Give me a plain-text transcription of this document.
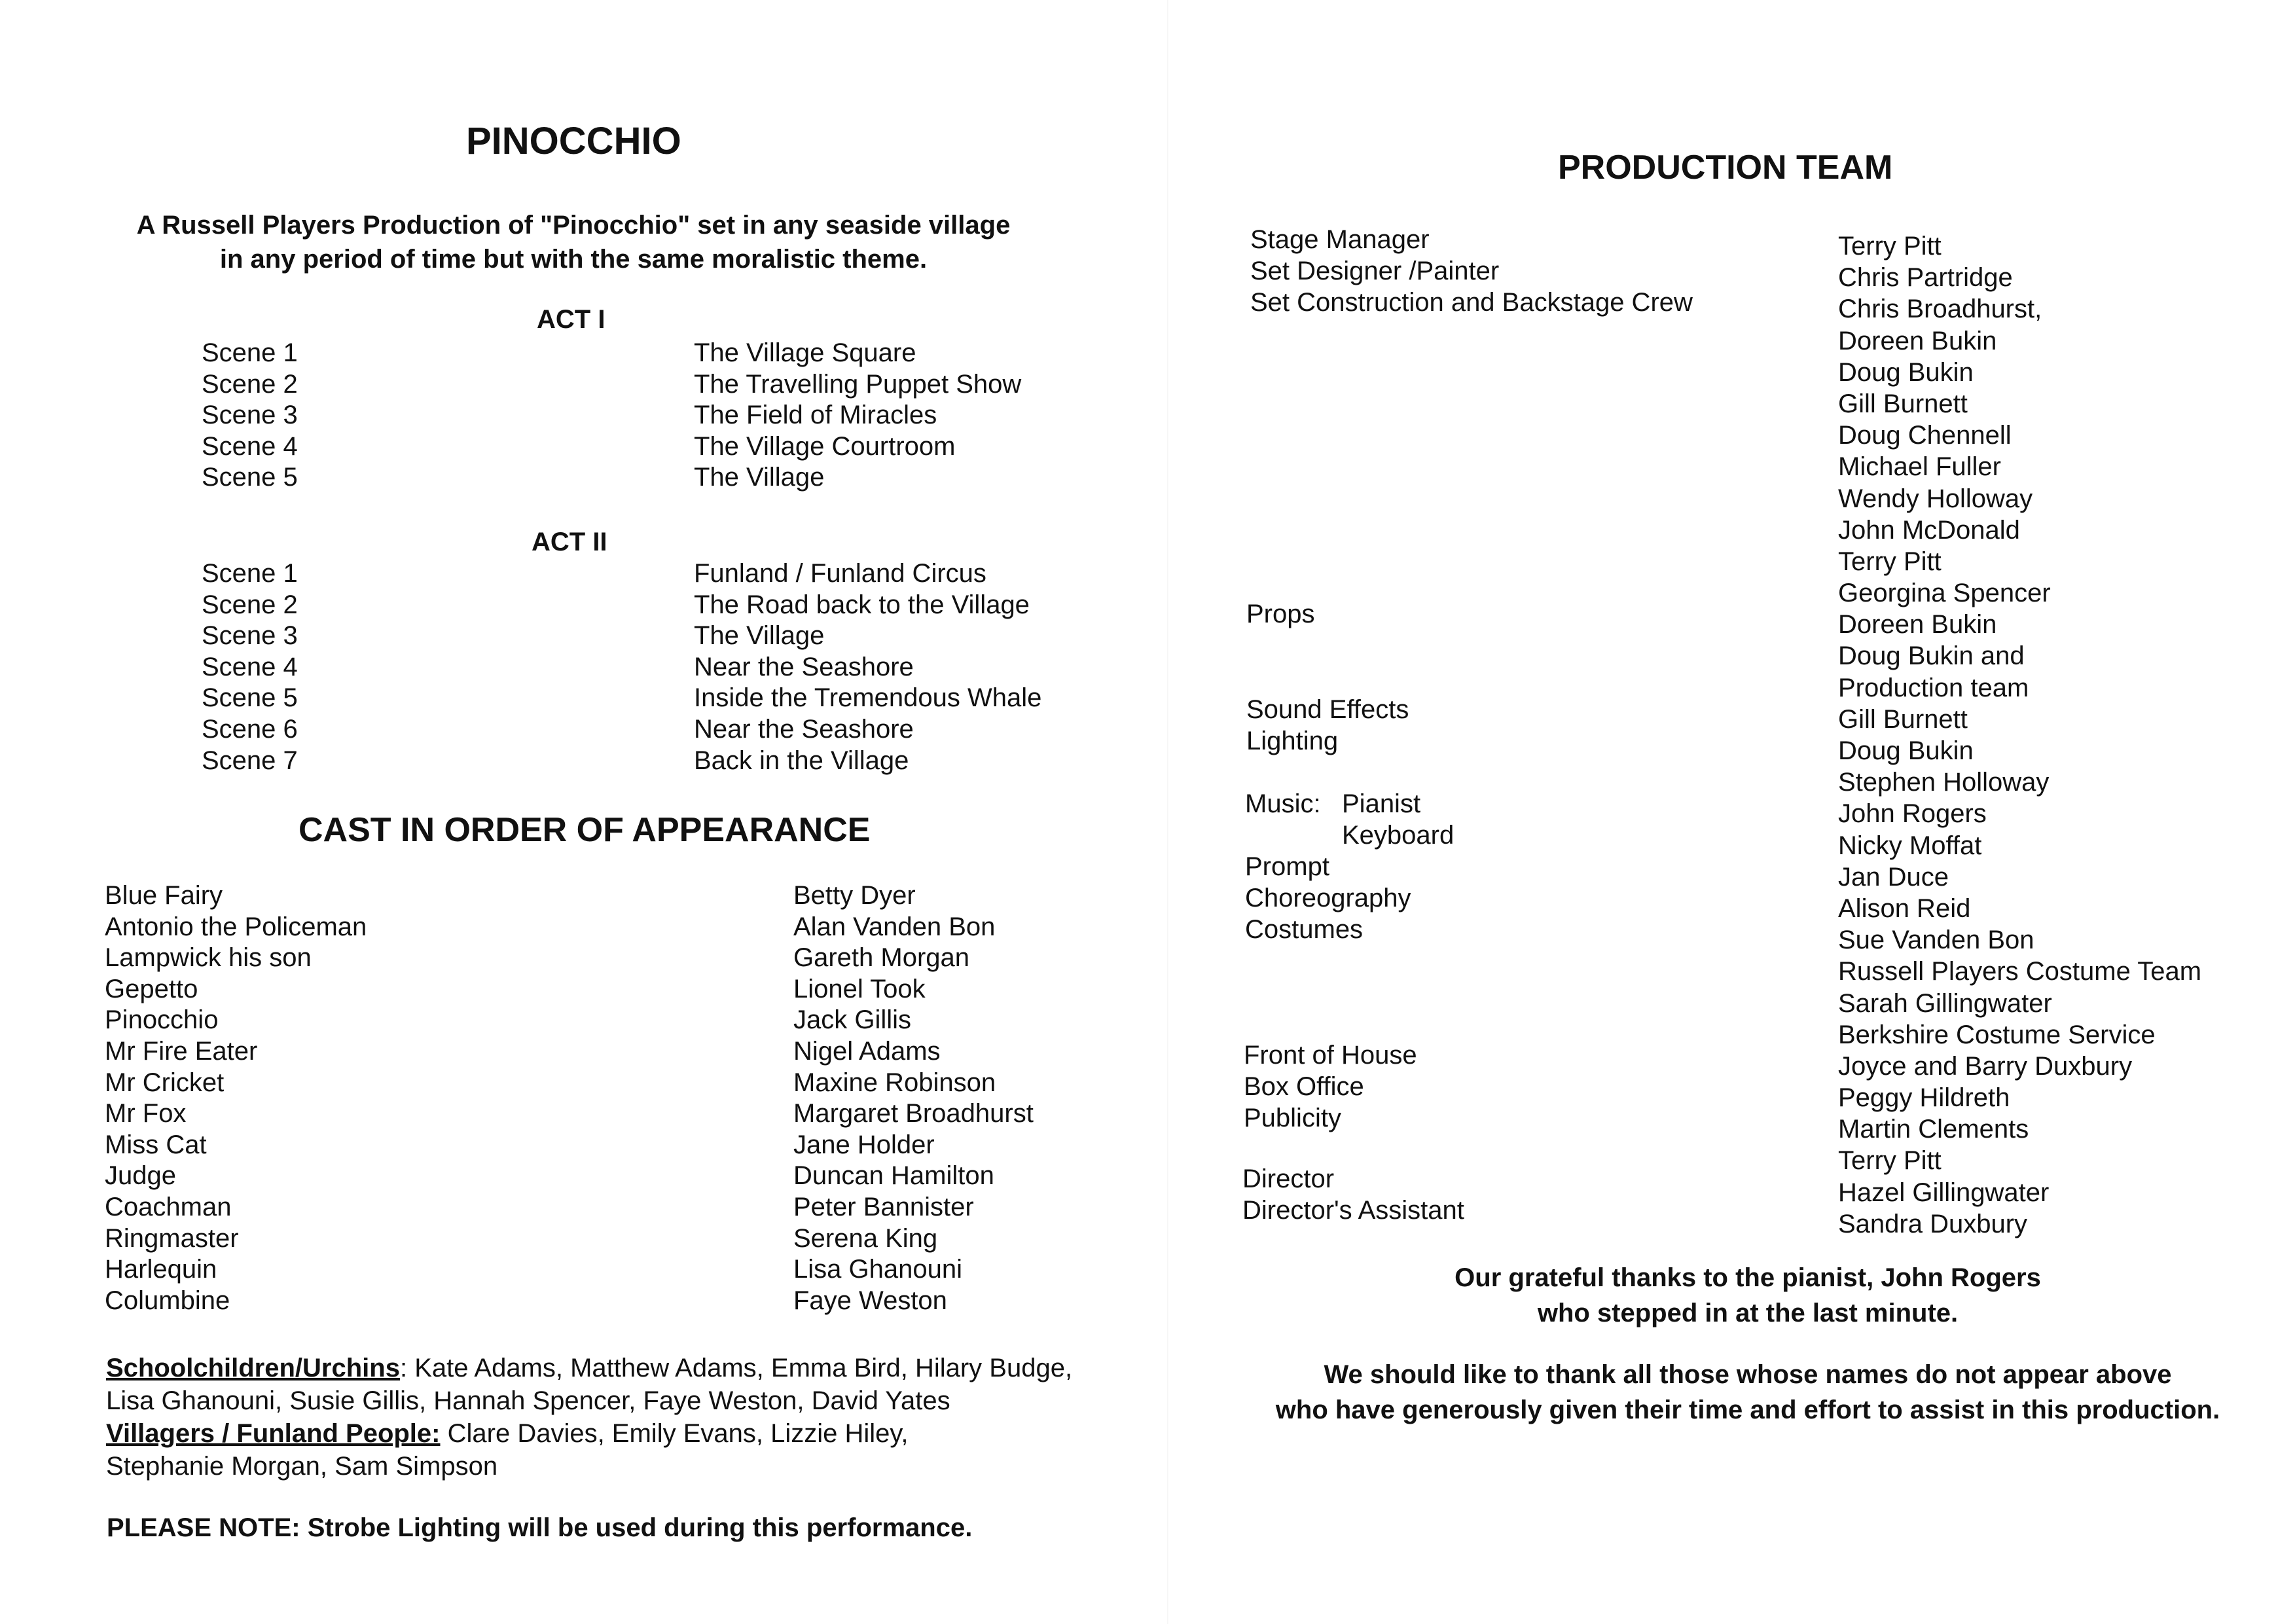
PINOCCHIO
A Russell Players Production of "Pinocchio" set in any seaside village
in any period of time but with the same moralistic theme.
ACT I
Scene 1
Scene 2
Scene 3
Scene 4
Scene 5
The Village Square
The Travelling Puppet Show
The Field of Miracles
The Village Courtroom
The Village
ACT II
Scene 1
Scene 2
Scene 3
Scene 4
Scene 5
Scene 6
Scene 7
Funland / Funland Circus
The Road back to the Village
The Village
Near the Seashore
Inside the Tremendous Whale
Near the Seashore
Back in the Village
CAST IN ORDER OF APPEARANCE
Blue Fairy
Antonio the Policeman
Lampwick his son
Gepetto
Pinocchio
Mr Fire Eater
Mr Cricket
Mr Fox
Miss Cat
Judge
Coachman
Ringmaster
Harlequin
Columbine
Betty Dyer
Alan Vanden Bon
Gareth Morgan
Lionel Took
Jack Gillis
Nigel Adams
Maxine Robinson
Margaret Broadhurst
Jane Holder
Duncan Hamilton
Peter Bannister
Serena King
Lisa Ghanouni
Faye Weston
Schoolchildren/Urchins: Kate Adams, Matthew Adams, Emma Bird, Hilary Budge,
Lisa Ghanouni, Susie Gillis, Hannah Spencer, Faye Weston, David Yates
Villagers / Funland People: Clare Davies, Emily Evans, Lizzie Hiley,
Stephanie Morgan, Sam Simpson
PLEASE NOTE: Strobe Lighting will be used during this performance.
PRODUCTION TEAM
Stage Manager
Set Designer /Painter
Set Construction and Backstage Crew
Props
Sound Effects
Lighting
Music: Pianist
Keyboard
Prompt
Choreography
Costumes
Front of House
Box Office
Publicity
Director
Director's Assistant
Terry Pitt
Chris Partridge
Chris Broadhurst,
Doreen Bukin
Doug Bukin
Gill Burnett
Doug Chennell
Michael Fuller
Wendy Holloway
John McDonald
Terry Pitt
Georgina Spencer
Doreen Bukin
Doug Bukin and
Production team
Gill Burnett
Doug Bukin
Stephen Holloway
John Rogers
Nicky Moffat
Jan Duce
Alison Reid
Sue Vanden Bon
Russell Players Costume Team
Sarah Gillingwater
Berkshire Costume Service
Joyce and Barry Duxbury
Peggy Hildreth
Martin Clements
Terry Pitt
Hazel Gillingwater
Sandra Duxbury
Our grateful thanks to the pianist, John Rogers
who stepped in at the last minute.
We should like to thank all those whose names do not appear above
who have generously given their time and effort to assist in this production.
